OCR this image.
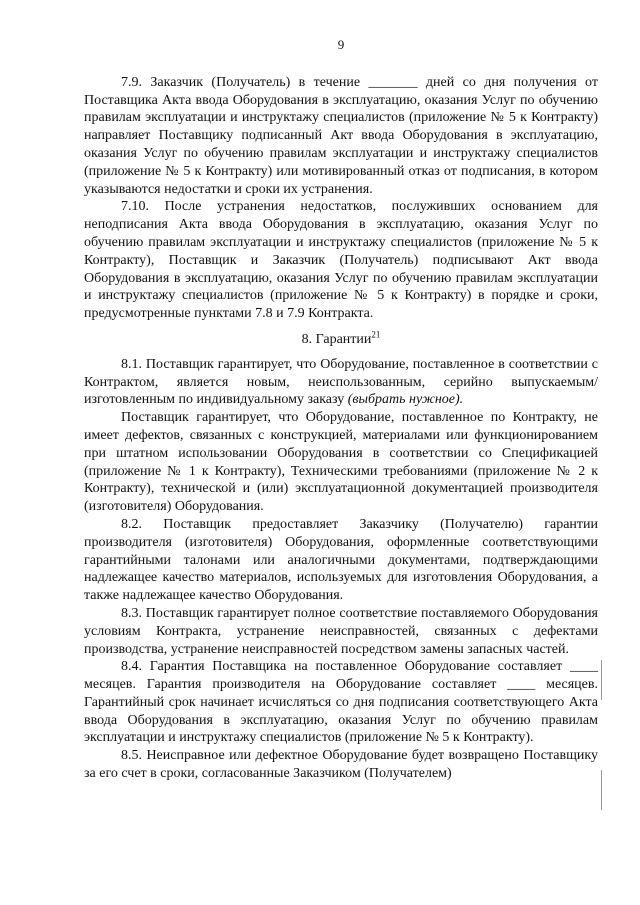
9

7.9. Заказчик (Получатель) в течение _______ дней со дня получения от Поставщика Акта ввода Оборудования в эксплуатацию, оказания Услуг по обучению правилам эксплуатации и инструктажу специалистов (приложение № 5 к Контракту) направляет Поставщику подписанный Акт ввода Оборудования в эксплуатацию, оказания Услуг по обучению правилам эксплуатации и инструктажу специалистов (приложение № 5 к Контракту) или мотивированный отказ от подписания, в котором указываются недостатки и сроки их устранения.

7.10. После устранения недостатков, послуживших основанием для неподписания Акта ввода Оборудования в эксплуатацию, оказания Услуг по обучению правилам эксплуатации и инструктажу специалистов (приложение № 5 к Контракту), Поставщик и Заказчик (Получатель) подписывают Акт ввода Оборудования в эксплуатацию, оказания Услуг по обучению правилам эксплуатации и инструктажу специалистов (приложение № 5 к Контракту) в порядке и сроки, предусмотренные пунктами 7.8 и 7.9 Контракта.

8. Гарантии$^{21}$

8.1. Поставщик гарантирует, что Оборудование, поставленное в соответствии с Контрактом, является новым, неиспользованным, серийно выпускаемым/изготовленным по индивидуальному заказу (выбрать нужное).

Поставщик гарантирует, что Оборудование, поставленное по Контракту, не имеет дефектов, связанных с конструкцией, материалами или функционированием при штатном использовании Оборудования в соответствии со Спецификацией (приложение № 1 к Контракту), Техническими требованиями (приложение № 2 к Контракту), технической и (или) эксплуатационной документацией производителя (изготовителя) Оборудования.

8.2. Поставщик предоставляет Заказчику (Получателю) гарантии производителя (изготовителя) Оборудования, оформленные соответствующими гарантийными талонами или аналогичными документами, подтверждающими надлежащее качество материалов, используемых для изготовления Оборудования, а также надлежащее качество Оборудования.

8.3. Поставщик гарантирует полное соответствие поставляемого Оборудования условиям Контракта, устранение неисправностей, связанных с дефектами производства, устранение неисправностей посредством замены запасных частей.

8.4. Гарантия Поставщика на поставленное Оборудование составляет ____ месяцев. Гарантия производителя на Оборудование составляет ____ месяцев. Гарантийный срок начинает исчисляться со дня подписания соответствующего Акта ввода Оборудования в эксплуатацию, оказания Услуг по обучению правилам эксплуатации и инструктажу специалистов (приложение № 5 к Контракту).

8.5. Неисправное или дефектное Оборудование будет возвращено Поставщику за его счет в сроки, согласованные Заказчиком (Получателем)
